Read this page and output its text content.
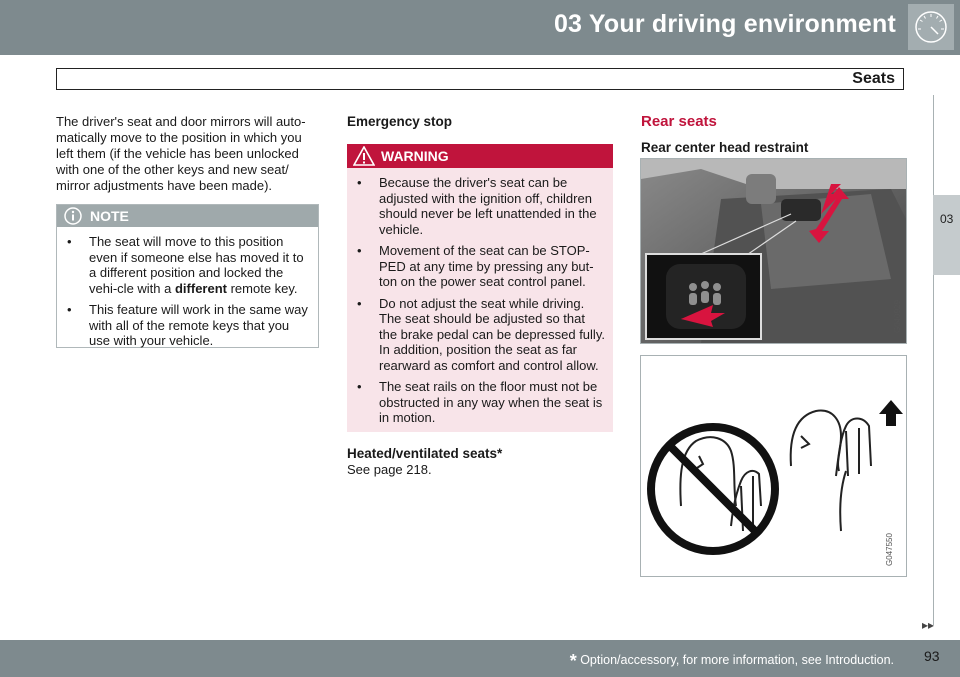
03 Your driving environment
Seats
03
The driver's seat and door mirrors will auto-
matically move to the position in which you
left them (if the vehicle has been unlocked
with one of the other keys and new seat/
mirror adjustments have been made).
NOTE
• The seat will move to this position even if someone else has moved it to a different position and locked the vehi-cle with a different remote key.
• This feature will work in the same way with all of the remote keys that you use with your vehicle.
Emergency stop
WARNING
• Because the driver's seat can be adjusted with the ignition off, children should never be left unattended in the vehicle.
• Movement of the seat can be STOP-PED at any time by pressing any but-ton on the power seat control panel.
• Do not adjust the seat while driving. The seat should be adjusted so that the brake pedal can be depressed fully. In addition, position the seat as far rearward as comfort and control allow.
• The seat rails on the floor must not be obstructed in any way when the seat is in motion.
Heated/ventilated seats*
See page 218.
Rear seats
Rear center head restraint
G040929
G047550
▸▸
* Option/accessory, for more information, see Introduction. 93
